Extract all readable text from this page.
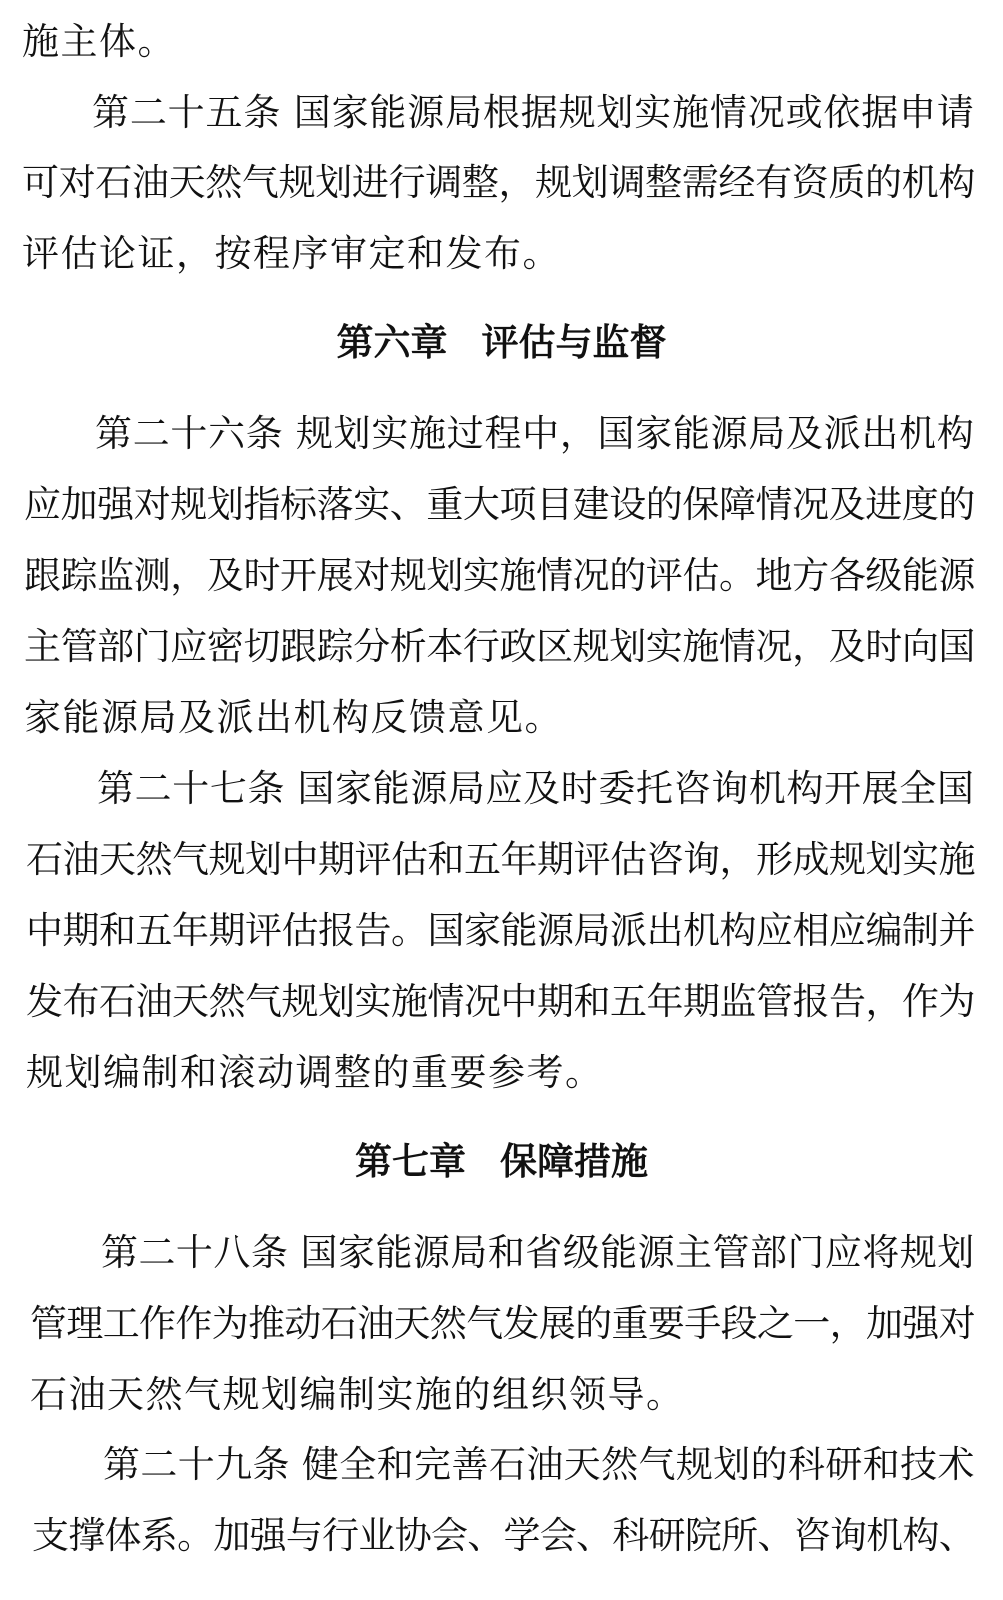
施主体。
第二十五条 国家能源局根据规划实施情况或依据申请
可对石油天然气规划进行调整，规划调整需经有资质的机构
评估论证，按程序审定和发布。
第六章 评估与监督
第二十六条 规划实施过程中，国家能源局及派出机构
应加强对规划指标落实、重大项目建设的保障情况及进度的
跟踪监测，及时开展对规划实施情况的评估。地方各级能源
主管部门应密切跟踪分析本行政区规划实施情况，及时向国
家能源局及派出机构反馈意见。
第二十七条 国家能源局应及时委托咨询机构开展全国
石油天然气规划中期评估和五年期评估咨询，形成规划实施
中期和五年期评估报告。国家能源局派出机构应相应编制并
发布石油天然气规划实施情况中期和五年期监管报告，作为
规划编制和滚动调整的重要参考。
第七章 保障措施
第二十八条 国家能源局和省级能源主管部门应将规划
管理工作作为推动石油天然气发展的重要手段之一，加强对
石油天然气规划编制实施的组织领导。
第二十九条 健全和完善石油天然气规划的科研和技术
支撑体系。加强与行业协会、学会、科研院所、咨询机构、
